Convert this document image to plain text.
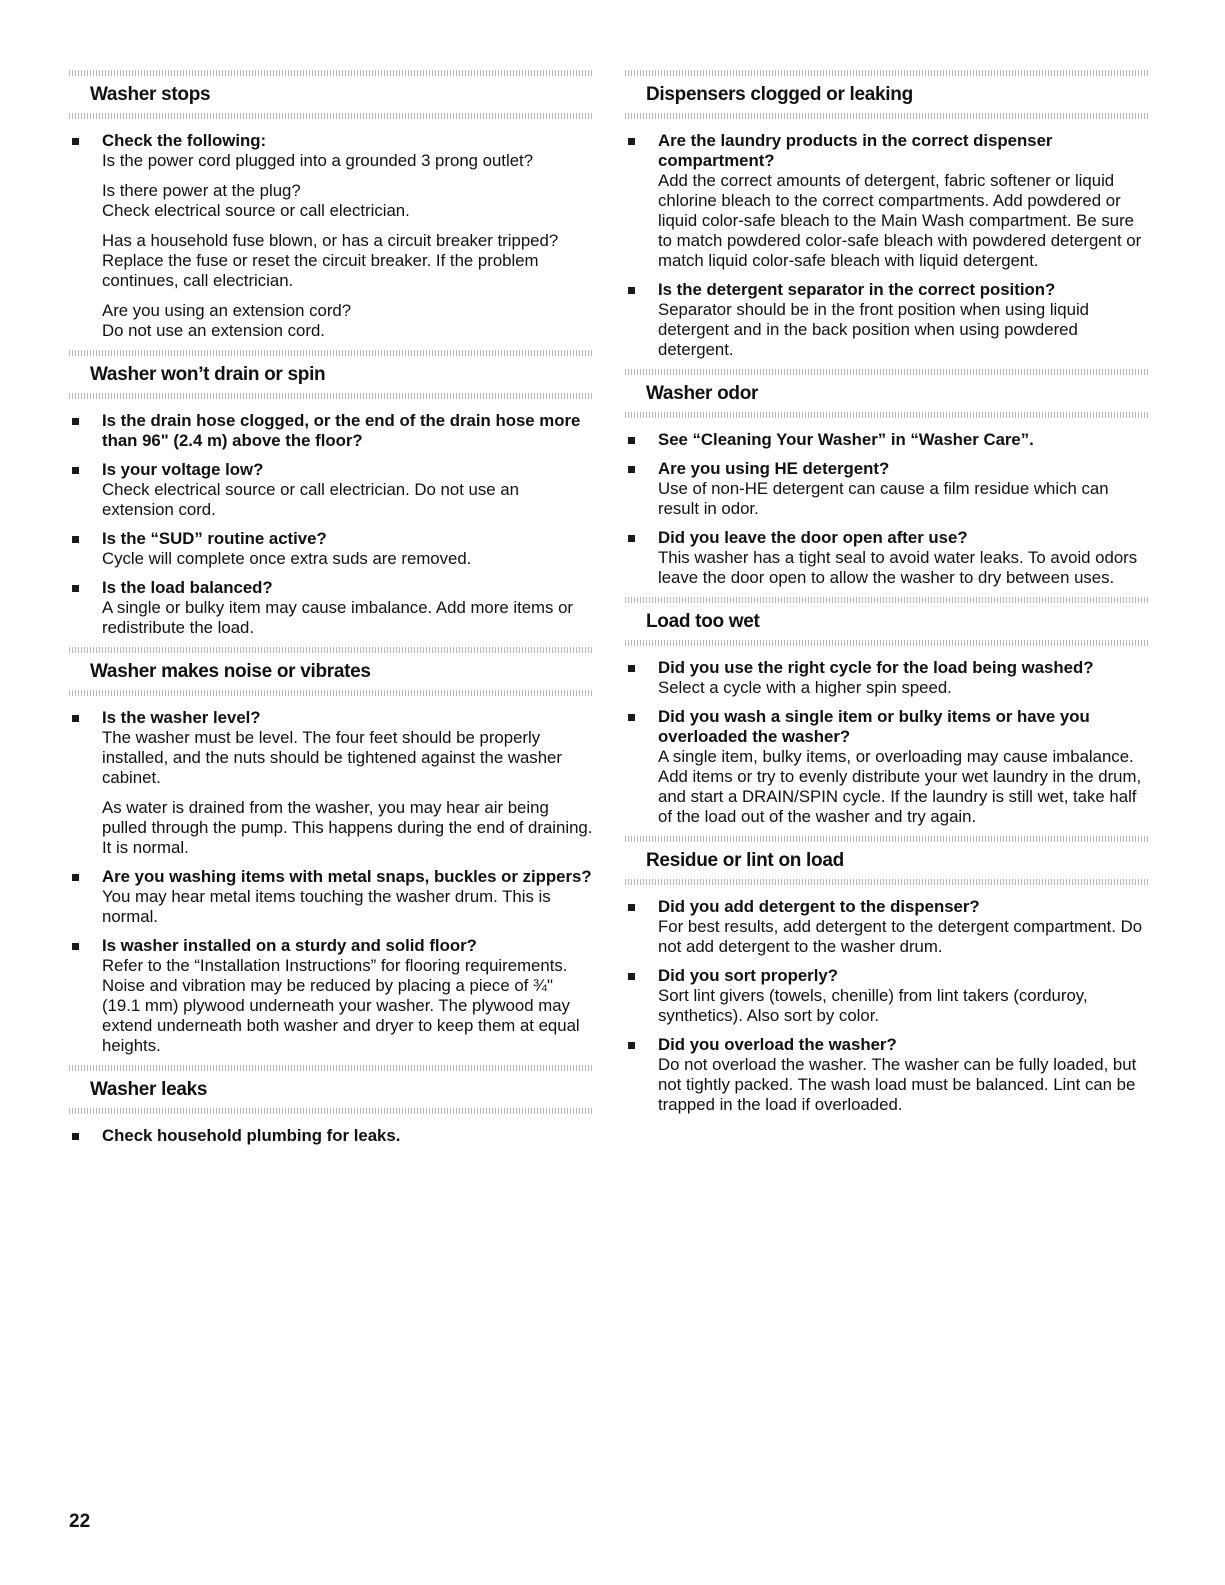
Washer stops
Check the following:

Is the power cord plugged into a grounded 3 prong outlet?

Is there power at the plug?
Check electrical source or call electrician.

Has a household fuse blown, or has a circuit breaker tripped?
Replace the fuse or reset the circuit breaker. If the problem continues, call electrician.

Are you using an extension cord?
Do not use an extension cord.

Washer won’t drain or spin
Is the drain hose clogged, or the end of the drain hose more than 96" (2.4 m) above the floor?
Is your voltage low?

Check electrical source or call electrician. Do not use an extension cord.

Is the “SUD” routine active?

Cycle will complete once extra suds are removed.

Is the load balanced?

A single or bulky item may cause imbalance. Add more items or redistribute the load.

Washer makes noise or vibrates
Is the washer level?

The washer must be level. The four feet should be properly installed, and the nuts should be tightened against the washer cabinet.

As water is drained from the washer, you may hear air being pulled through the pump. This happens during the end of draining. It is normal.

Are you washing items with metal snaps, buckles or zippers?

You may hear metal items touching the washer drum. This is normal.

Is washer installed on a sturdy and solid floor?

Refer to the “Installation Instructions” for flooring requirements. Noise and vibration may be reduced by placing a piece of ¾" (19.1 mm) plywood underneath your washer. The plywood may extend underneath both washer and dryer to keep them at equal heights.

Washer leaks
Check household plumbing for leaks.
Dispensers clogged or leaking
Are the laundry products in the correct dispenser compartment?

Add the correct amounts of detergent, fabric softener or liquid chlorine bleach to the correct compartments. Add powdered or liquid color-safe bleach to the Main Wash compartment. Be sure to match powdered color-safe bleach with powdered detergent or match liquid color-safe bleach with liquid detergent.

Is the detergent separator in the correct position?

Separator should be in the front position when using liquid detergent and in the back position when using powdered detergent.

Washer odor
See “Cleaning Your Washer” in “Washer Care”.
Are you using HE detergent?

Use of non-HE detergent can cause a film residue which can result in odor.

Did you leave the door open after use?

This washer has a tight seal to avoid water leaks. To avoid odors leave the door open to allow the washer to dry between uses.

Load too wet
Did you use the right cycle for the load being washed?

Select a cycle with a higher spin speed.

Did you wash a single item or bulky items or have you overloaded the washer?

A single item, bulky items, or overloading may cause imbalance. Add items or try to evenly distribute your wet laundry in the drum, and start a DRAIN/SPIN cycle. If the laundry is still wet, take half of the load out of the washer and try again.

Residue or lint on load
Did you add detergent to the dispenser?

For best results, add detergent to the detergent compartment. Do not add detergent to the washer drum.

Did you sort properly?

Sort lint givers (towels, chenille) from lint takers (corduroy, synthetics). Also sort by color.

Did you overload the washer?

Do not overload the washer. The washer can be fully loaded, but not tightly packed. The wash load must be balanced. Lint can be trapped in the load if overloaded.

22
